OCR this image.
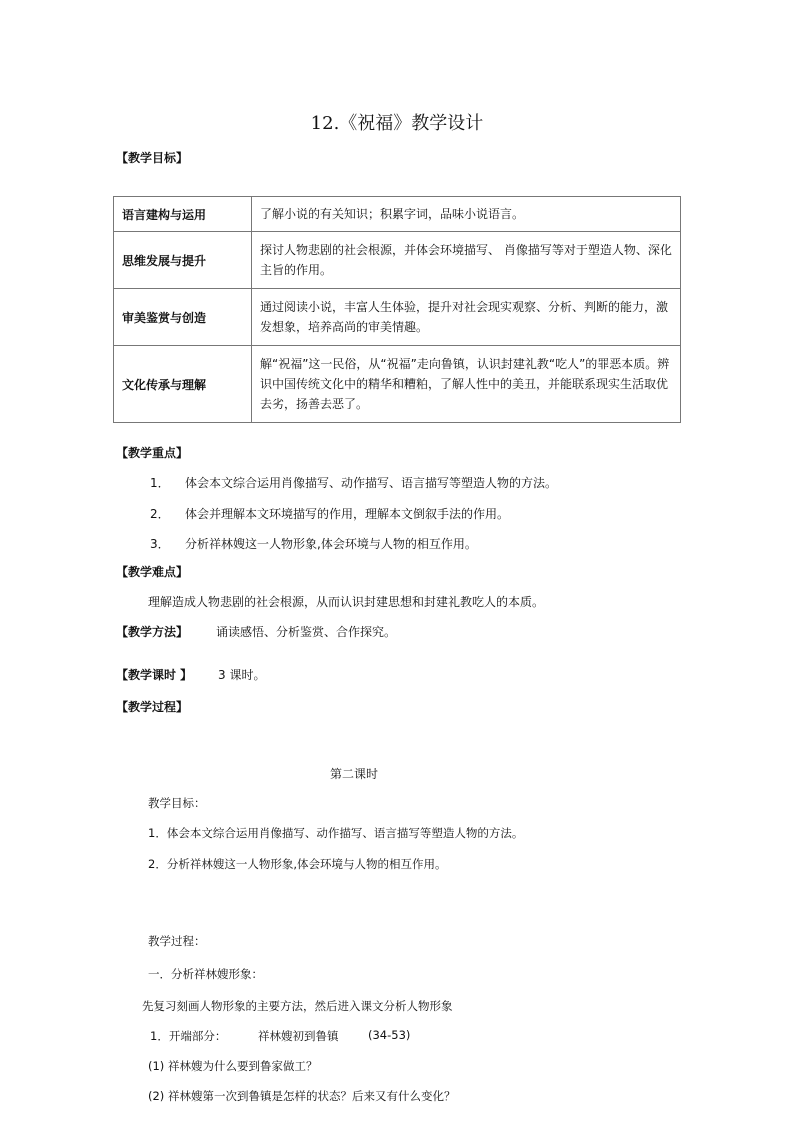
12.《祝福》教学设计
【教学目标】
语言建构与运用	了解小说的有关知识；积累字词，品味小说语言。
思维发展与提升	探讨人物悲剧的社会根源，并体会环境描写、 肖像描写等对于塑造人物、深化主旨的作用。
审美鉴赏与创造	通过阅读小说，丰富人生体验，提升对社会现实观察、分析、判断的能力，激发想象，培养高尚的审美情趣。
文化传承与理解	解“祝福”这一民俗，从“祝福”走向鲁镇，认识封建礼教“吃人”的罪恶本质。辨识中国传统文化中的精华和糟粕，了解人性中的美丑，并能联系现实生活取优去劣，扬善去恶了。
【教学重点】
1． 体会本文综合运用肖像描写、动作描写、语言描写等塑造人物的方法。
2． 体会并理解本文环境描写的作用，理解本文倒叙手法的作用。
3． 分析祥林嫂这一人物形象,体会环境与人物的相互作用。
【教学难点】
理解造成人物悲剧的社会根源，从而认识封建思想和封建礼教吃人的本质。
【教学方法】 诵读感悟、分析鉴赏、合作探究。
【教学课时 】 3 课时。
【教学过程】
第二课时
教学目标：
1．体会本文综合运用肖像描写、动作描写、语言描写等塑造人物的方法。
2．分析祥林嫂这一人物形象,体会环境与人物的相互作用。
教学过程：
一．分析祥林嫂形象：
先复习刻画人物形象的主要方法，然后进入课文分析人物形象
1．开端部分：	祥林嫂初到鲁镇	(34-53)
(1) 祥林嫂为什么要到鲁家做工？
(2) 祥林嫂第一次到鲁镇是怎样的状态？后来又有什么变化？
